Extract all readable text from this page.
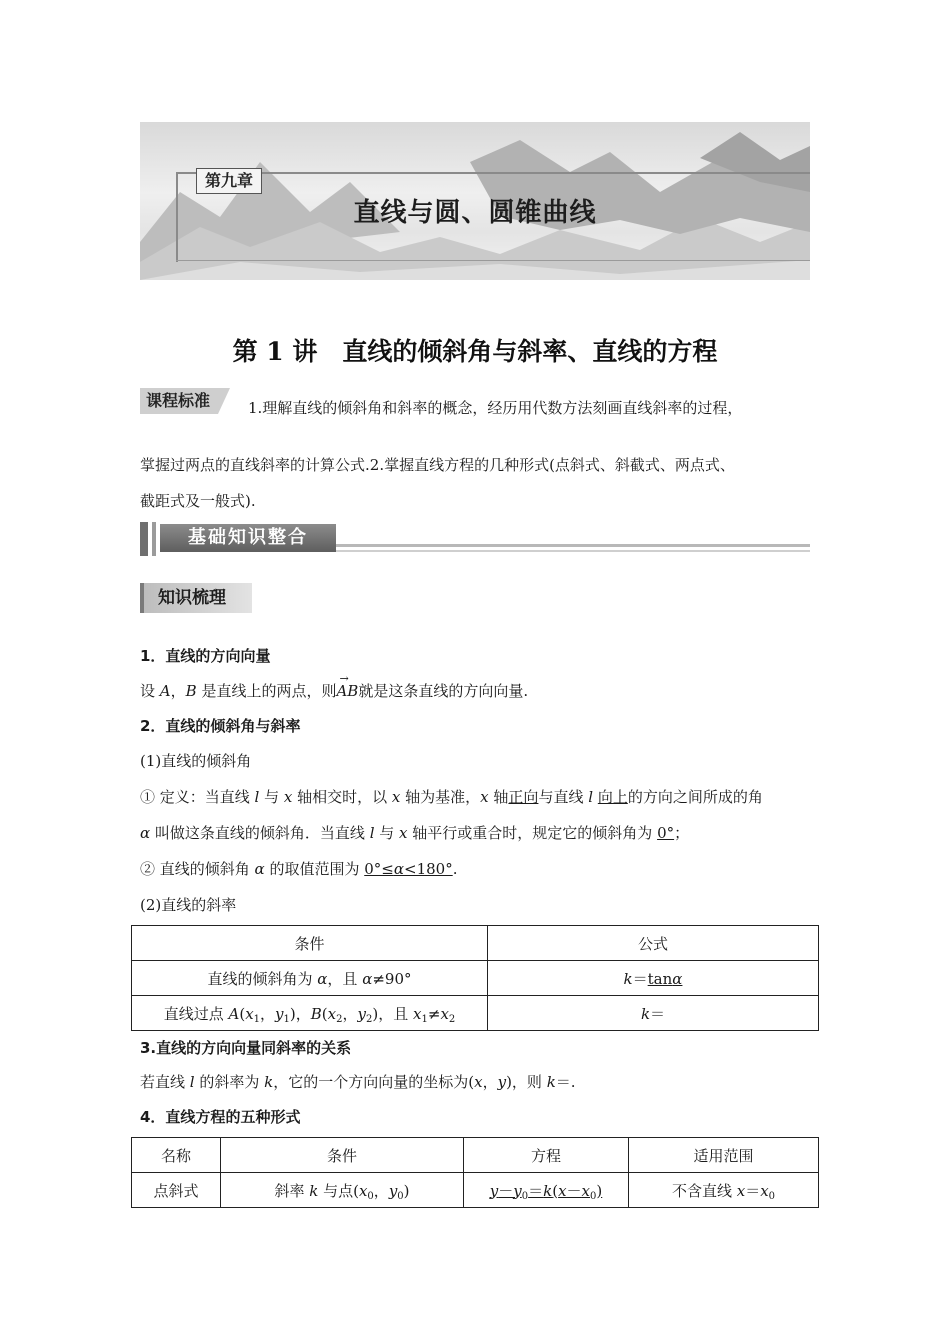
第九章
直线与圆、圆锥曲线
第 1 讲　直线的倾斜角与斜率、直线的方程
课程标准	1.理解直线的倾斜角和斜率的概念，经历用代数方法刻画直线斜率的过程，
掌握过两点的直线斜率的计算公式.2.掌握直线方程的几种形式(点斜式、斜截式、两点式、
截距式及一般式).
基础知识整合
知识梳理
1．直线的方向向量
设 A，B 是直线上的两点，则→ AB就是这条直线的方向向量.
2．直线的倾斜角与斜率
(1)直线的倾斜角
① 定义：当直线 l 与 x 轴相交时，以 x 轴为基准，x 轴正向与直线 l 向上的方向之间所成的角
α 叫做这条直线的倾斜角．当直线 l 与 x 轴平行或重合时，规定它的倾斜角为 0°；
② 直线的倾斜角 α 的取值范围为 0°≤α<180°.
(2)直线的斜率
条件	公式
直线的倾斜角为 α，且 α≠90°	k＝tanα
直线过点 $A(x_1$，$y_1$)，$B(x_2$，$y_2$)，且 $x_1\ne x_2$	k＝
3.直线的方向向量同斜率的关系
若直线 l 的斜率为 k，它的一个方向向量的坐标为(x，y)，则 k＝.
4．直线方程的五种形式
名称	条件	方程	适用范围
点斜式	斜率 k 与点($x_0$，$y_0$)	$y-y_0=k(x-x_0)$	不含直线 $x=x_0$
